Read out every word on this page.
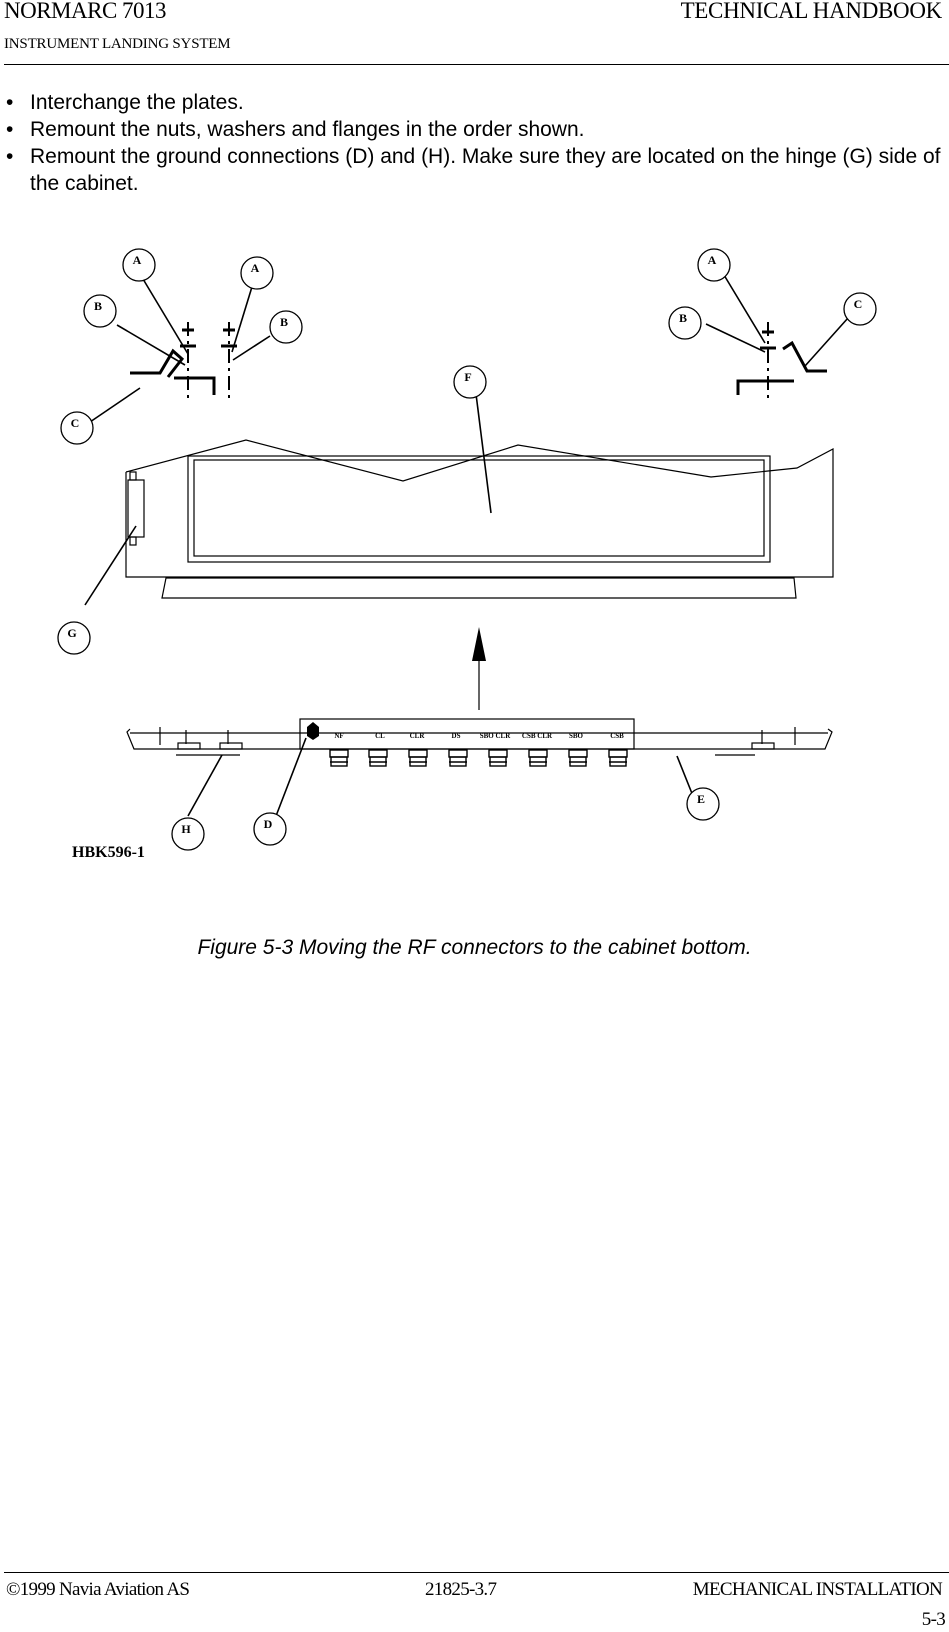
NORMARC 7013
INSTRUMENT LANDING SYSTEM
TECHNICAL HANDBOOK
• Interchange the plates.
• Remount the nuts, washers and flanges in the order shown.
• Remount the ground connections (D) and (H). Make sure they are located on the hinge (G) side of the cabinet.
A
A
A
B
B	B
C
C
D
E
F
G
H
NF	CL	CLR	DS	SBO CLR CSB CLR SBO	CSB
HBK596-1
Figure 5-3 Moving the RF connectors to the cabinet bottom.
©1999 Navia Aviation AS	21825-3.7	MECHANICAL INSTALLATION
5-3
